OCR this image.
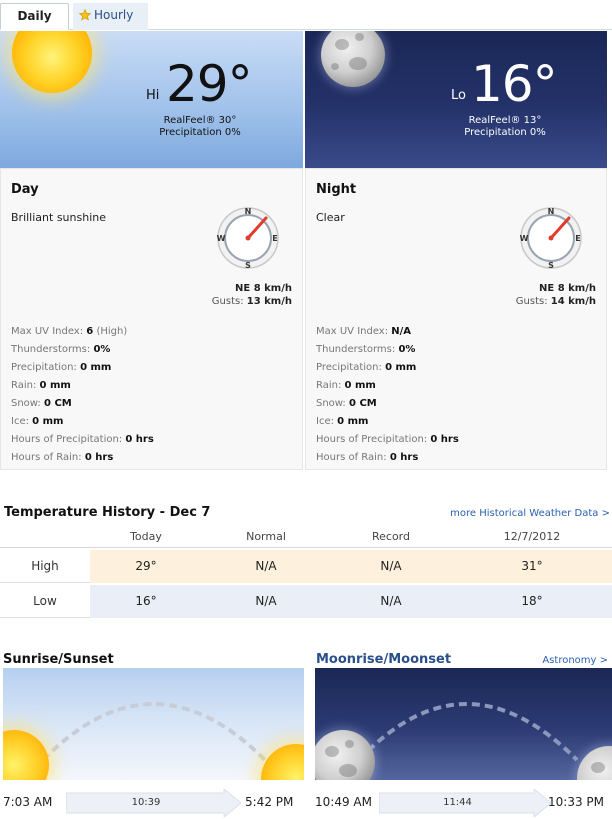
Daily	Hourly
Hi 29°
RealFeel® 30°
Precipitation 0%
Lo 16°
RealFeel® 13°
Precipitation 0%
Day
Brilliant sunshine	N
E
S
W
NE 8 km/h
Gusts: 13 km/h
Max UV Index: 6 (High)
Thunderstorms: 0%
Precipitation: 0 mm
Rain: 0 mm
Snow: 0 CM
Ice: 0 mm
Hours of Precipitation: 0 hrs
Hours of Rain: 0 hrs
Night
Clear	N
E
S
W
NE 8 km/h
Gusts: 14 km/h
Max UV Index: N/A
Thunderstorms: 0%
Precipitation: 0 mm
Rain: 0 mm
Snow: 0 CM
Ice: 0 mm
Hours of Precipitation: 0 hrs
Hours of Rain: 0 hrs
Temperature History - Dec 7	more Historical Weather Data >
Today	Normal	Record	12/7/2012
High	29°	N/A	N/A	31°
Low	16°	N/A	N/A	18°
Sunrise/Sunset
7:03 AM	10:39	5:42 PM
Moonrise/Moonset	Astronomy >
10:49 AM	11:44	10:33 PM
